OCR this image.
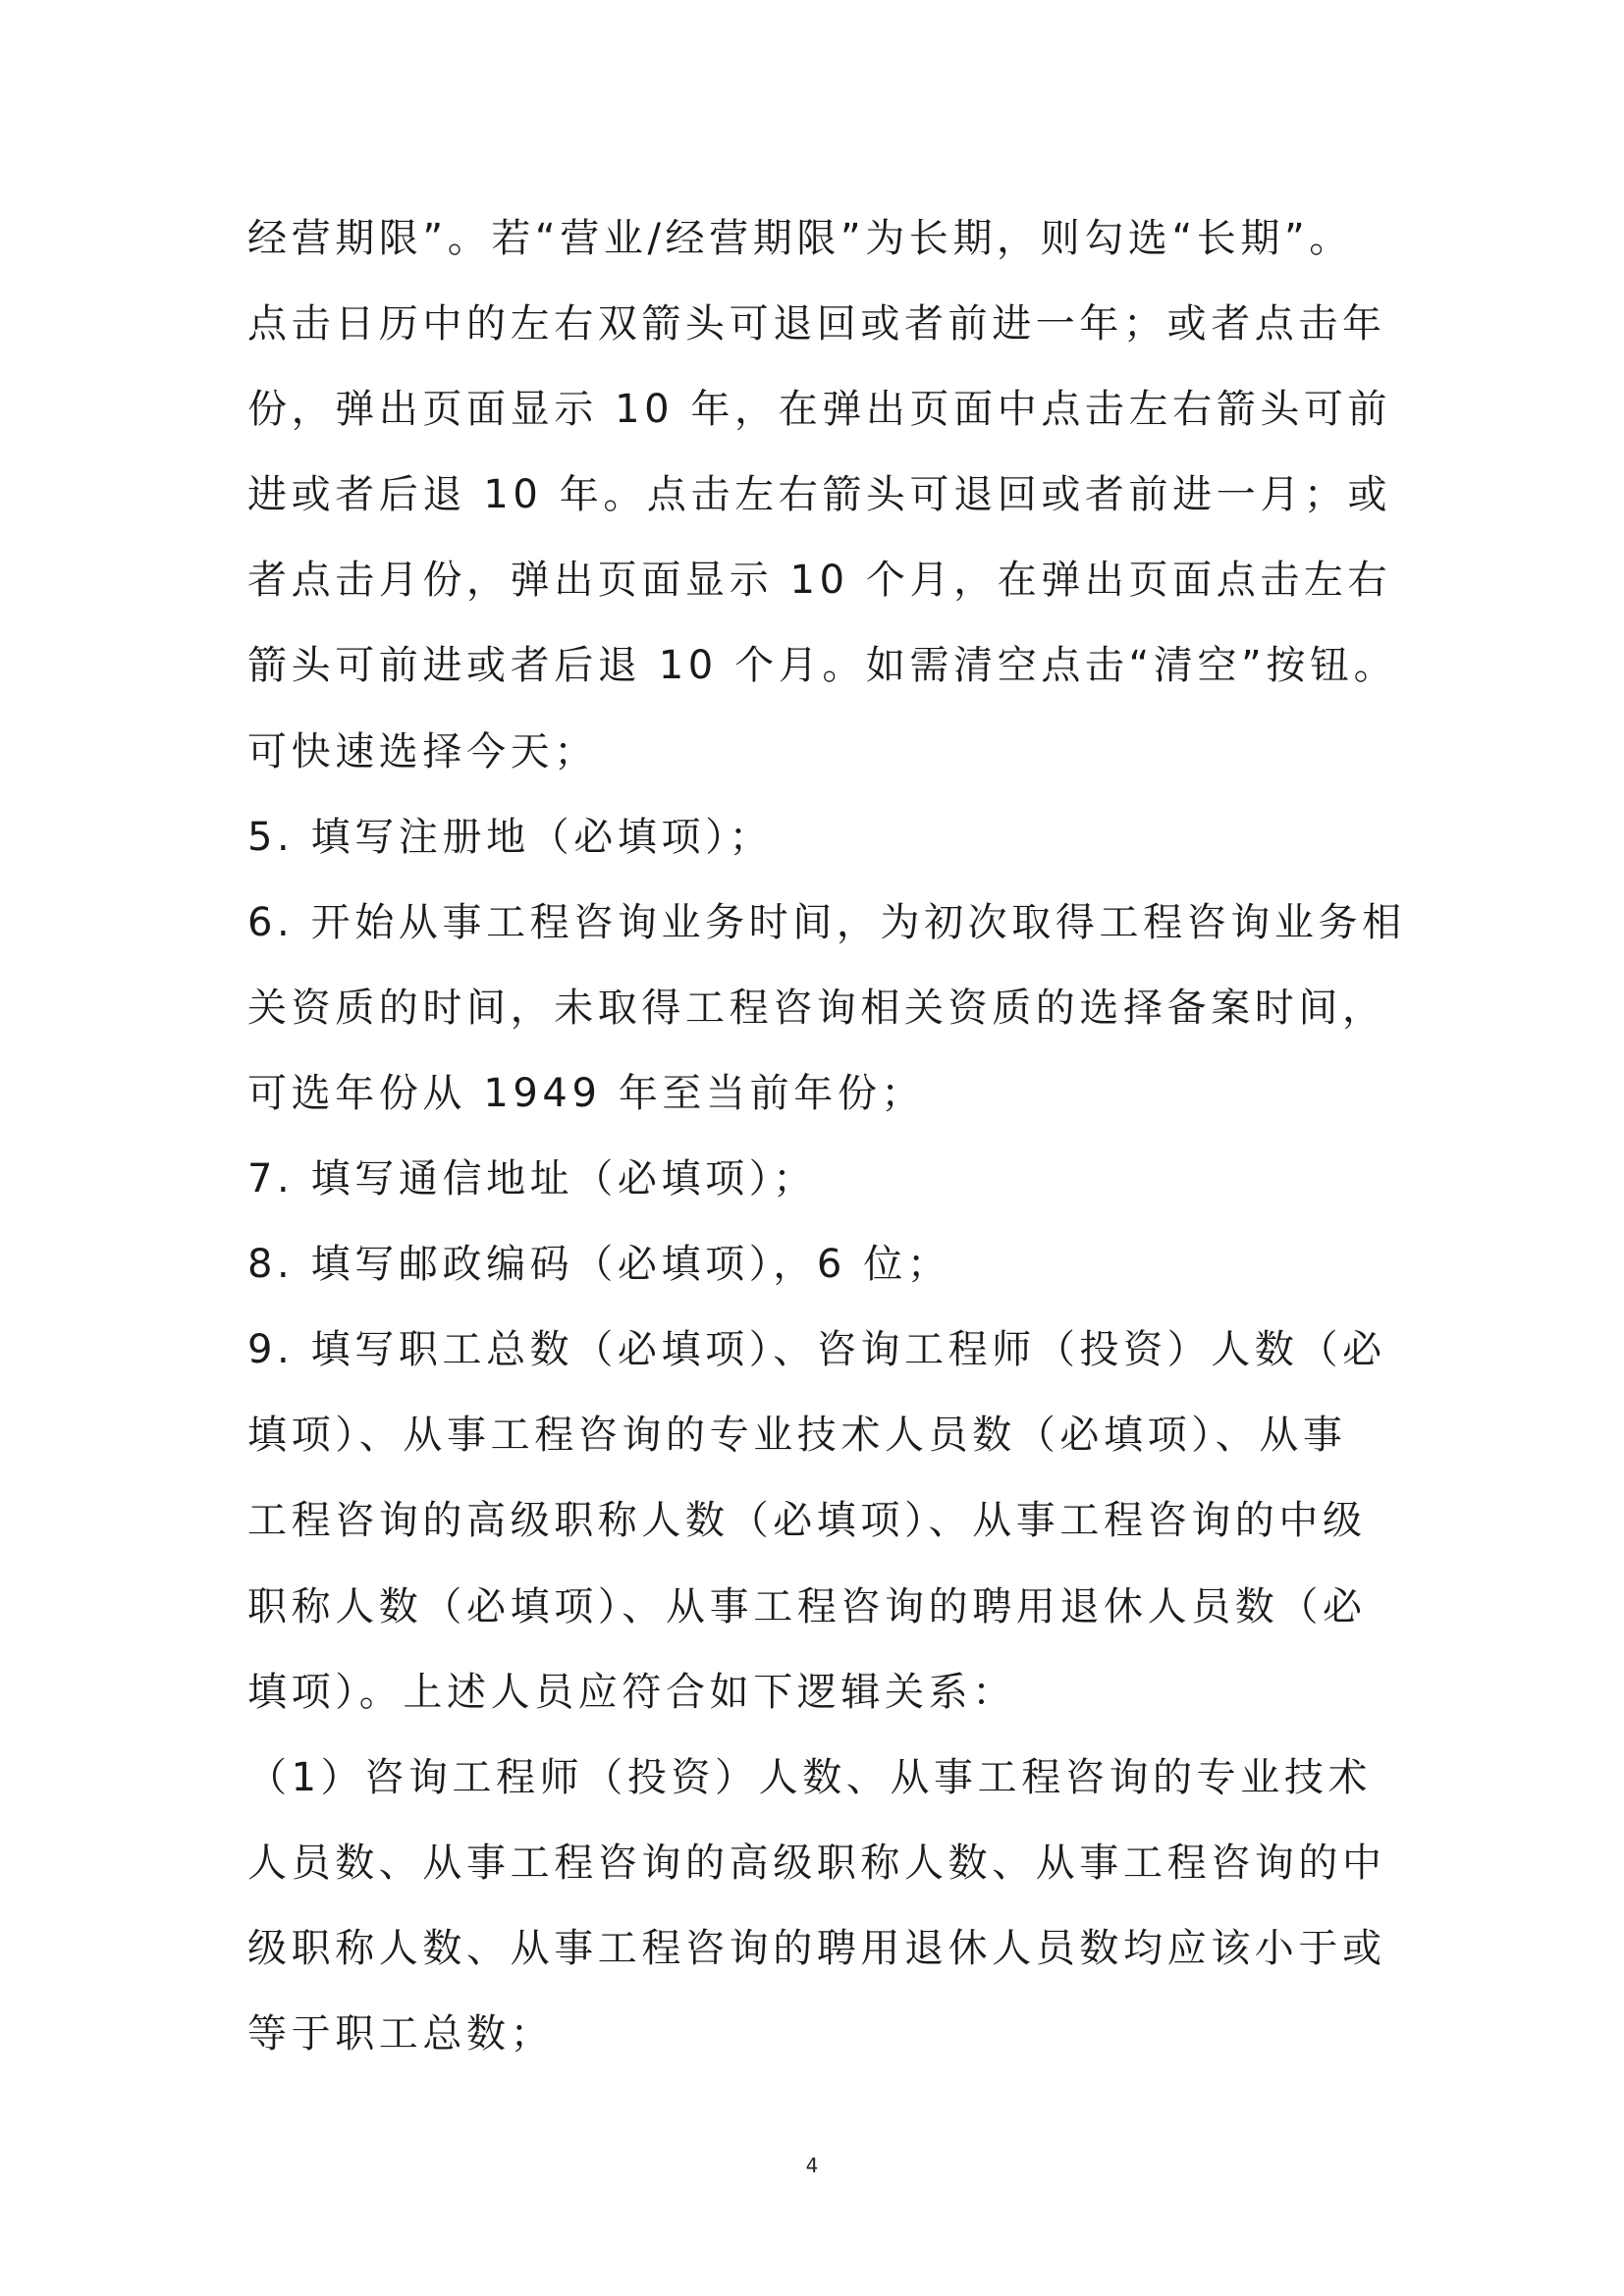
经营期限”。若“营业/经营期限”为长期，则勾选“长期”。
点击日历中的左右双箭头可退回或者前进一年；或者点击年
份，弹出页面显示 10 年，在弹出页面中点击左右箭头可前
进或者后退 10 年。点击左右箭头可退回或者前进一月；或
者点击月份，弹出页面显示 10 个月，在弹出页面点击左右
箭头可前进或者后退 10 个月。如需清空点击“清空”按钮。
可快速选择今天；
5. 填写注册地（必填项）；
6. 开始从事工程咨询业务时间，为初次取得工程咨询业务相
关资质的时间，未取得工程咨询相关资质的选择备案时间，
可选年份从 1949 年至当前年份；
7. 填写通信地址（必填项）；
8. 填写邮政编码（必填项），6 位；
9. 填写职工总数（必填项）、咨询工程师（投资）人数（必
填项）、从事工程咨询的专业技术人员数（必填项）、从事
工程咨询的高级职称人数（必填项）、从事工程咨询的中级
职称人数（必填项）、从事工程咨询的聘用退休人员数（必
填项）。上述人员应符合如下逻辑关系：
（1）咨询工程师（投资）人数、从事工程咨询的专业技术
人员数、从事工程咨询的高级职称人数、从事工程咨询的中
级职称人数、从事工程咨询的聘用退休人员数均应该小于或
等于职工总数；
4
